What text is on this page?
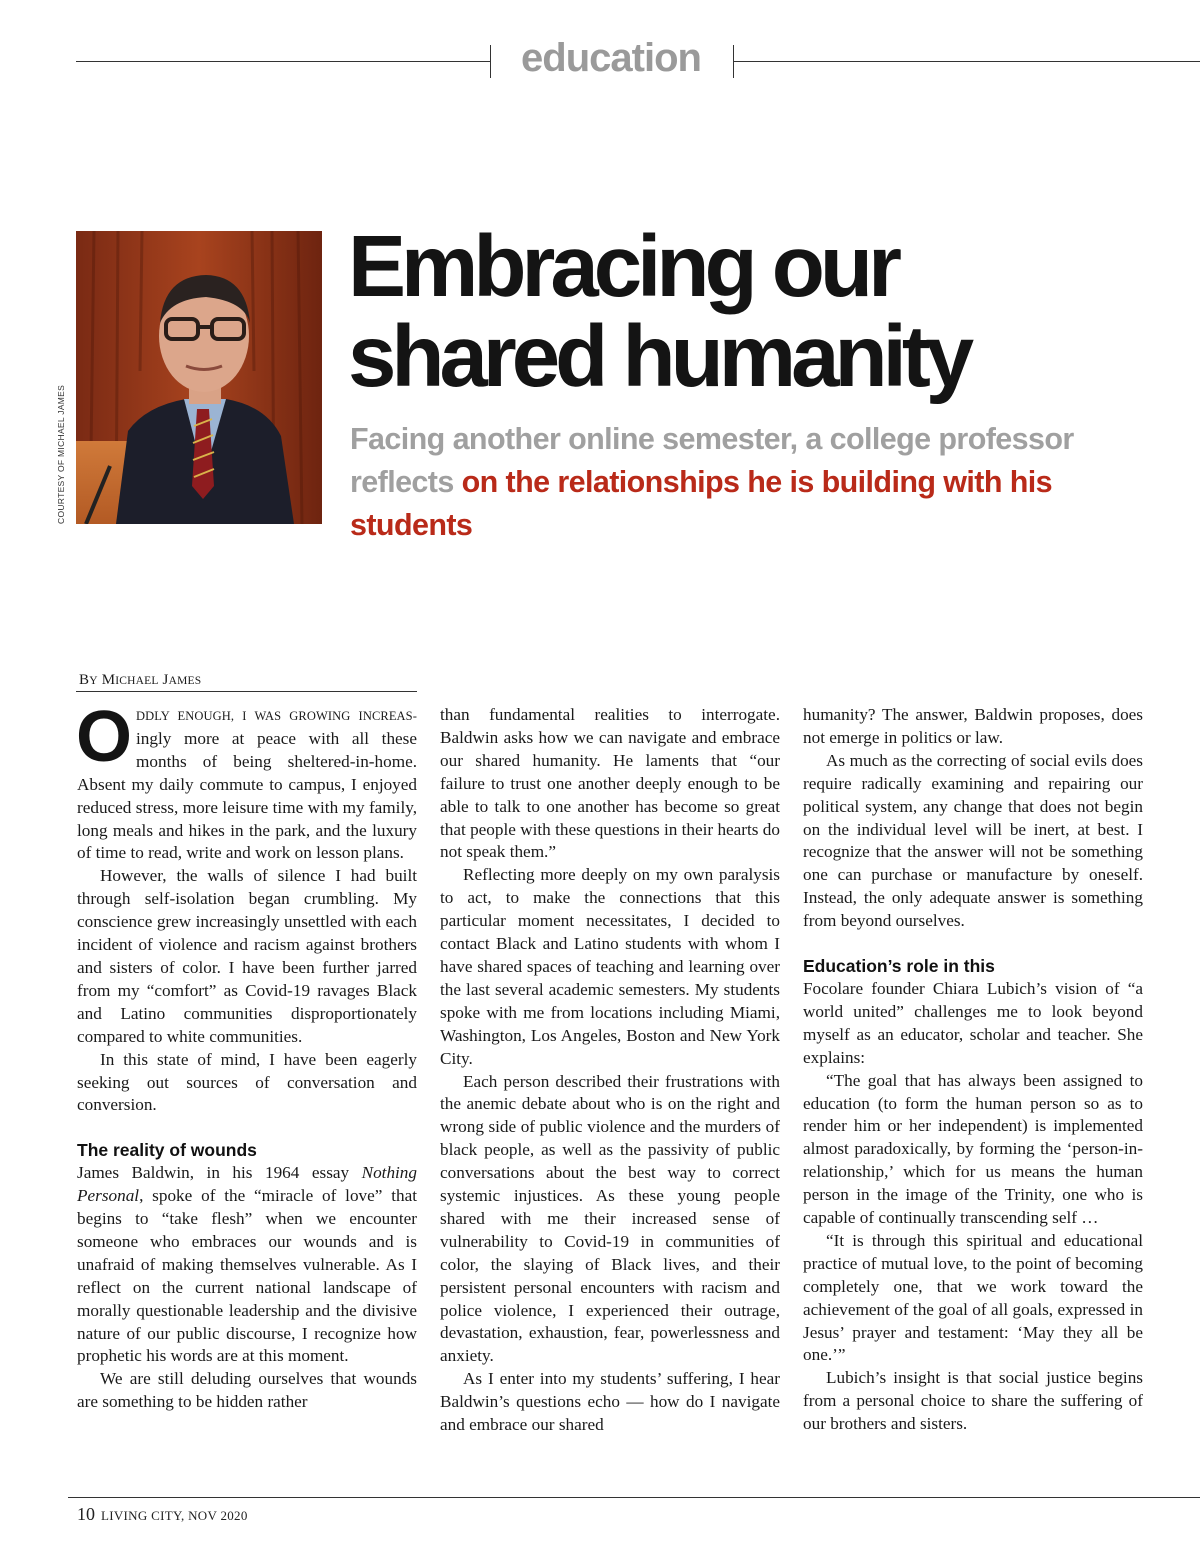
education
COURTESY OF MICHAEL JAMES
Embracing our
shared humanity

Facing another online semester, a college professor reflects on the relationships he is building with his students

BY MICHAEL JAMES

ODDLY ENOUGH, I WAS GROWING INCREAS- ingly more at peace with all these months of being sheltered-in-home. Absent my daily commute to campus, I enjoyed reduced stress, more leisure time with my family, long meals and hikes in the park, and the luxury of time to read, write and work on lesson plans.

However, the walls of silence I had built through self-isolation began crumbling. My conscience grew increasingly unsettled with each incident of violence and racism against brothers and sisters of color. I have been further jarred from my “comfort” as Covid-19 ravages Black and Latino communities disproportionately compared to white communities.

In this state of mind, I have been eagerly seeking out sources of conversation and conversion.

The reality of wounds

James Baldwin, in his 1964 essay Nothing Personal, spoke of the “miracle of love” that begins to “take flesh” when we encounter someone who embraces our wounds and is unafraid of making themselves vulnerable. As I reflect on the current national landscape of morally questionable leadership and the divisive nature of our public discourse, I recognize how prophetic his words are at this moment.

We are still deluding ourselves that wounds are something to be hidden rather

than fundamental realities to interrogate. Baldwin asks how we can navigate and embrace our shared humanity. He laments that “our failure to trust one another deeply enough to be able to talk to one another has become so great that people with these questions in their hearts do not speak them.”

Reflecting more deeply on my own paralysis to act, to make the connections that this particular moment necessitates, I decided to contact Black and Latino students with whom I have shared spaces of teaching and learning over the last several academic semesters. My students spoke with me from locations including Miami, Washington, Los Angeles, Boston and New York City.

Each person described their frustrations with the anemic debate about who is on the right and wrong side of public violence and the murders of black people, as well as the passivity of public conversations about the best way to correct systemic injustices. As these young people shared with me their increased sense of vulnerability to Covid-19 in communities of color, the slaying of Black lives, and their persistent personal encounters with racism and police violence, I experienced their outrage, devastation, exhaustion, fear, powerlessness and anxiety.

As I enter into my students’ suffering, I hear Baldwin’s questions echo — how do I navigate and embrace our shared

humanity? The answer, Baldwin proposes, does not emerge in politics or law.

As much as the correcting of social evils does require radically examining and repairing our political system, any change that does not begin on the individual level will be inert, at best. I recognize that the answer will not be something one can purchase or manufacture by oneself. Instead, the only adequate answer is something from beyond ourselves.

Education’s role in this

Focolare founder Chiara Lubich’s vision of “a world united” challenges me to look beyond myself as an educator, scholar and teacher. She explains:

“The goal that has always been assigned to education (to form the human person so as to render him or her independent) is implemented almost paradoxically, by forming the ‘person-in-relationship,’ which for us means the human person in the image of the Trinity, one who is capable of continually transcending self …

“It is through this spiritual and educational practice of mutual love, to the point of becoming completely one, that we work toward the achievement of the goal of all goals, expressed in Jesus’ prayer and testament: ‘May they all be one.’”

Lubich’s insight is that social justice begins from a personal choice to share the suffering of our brothers and sisters.

10 LIVING CITY, NOV 2020
